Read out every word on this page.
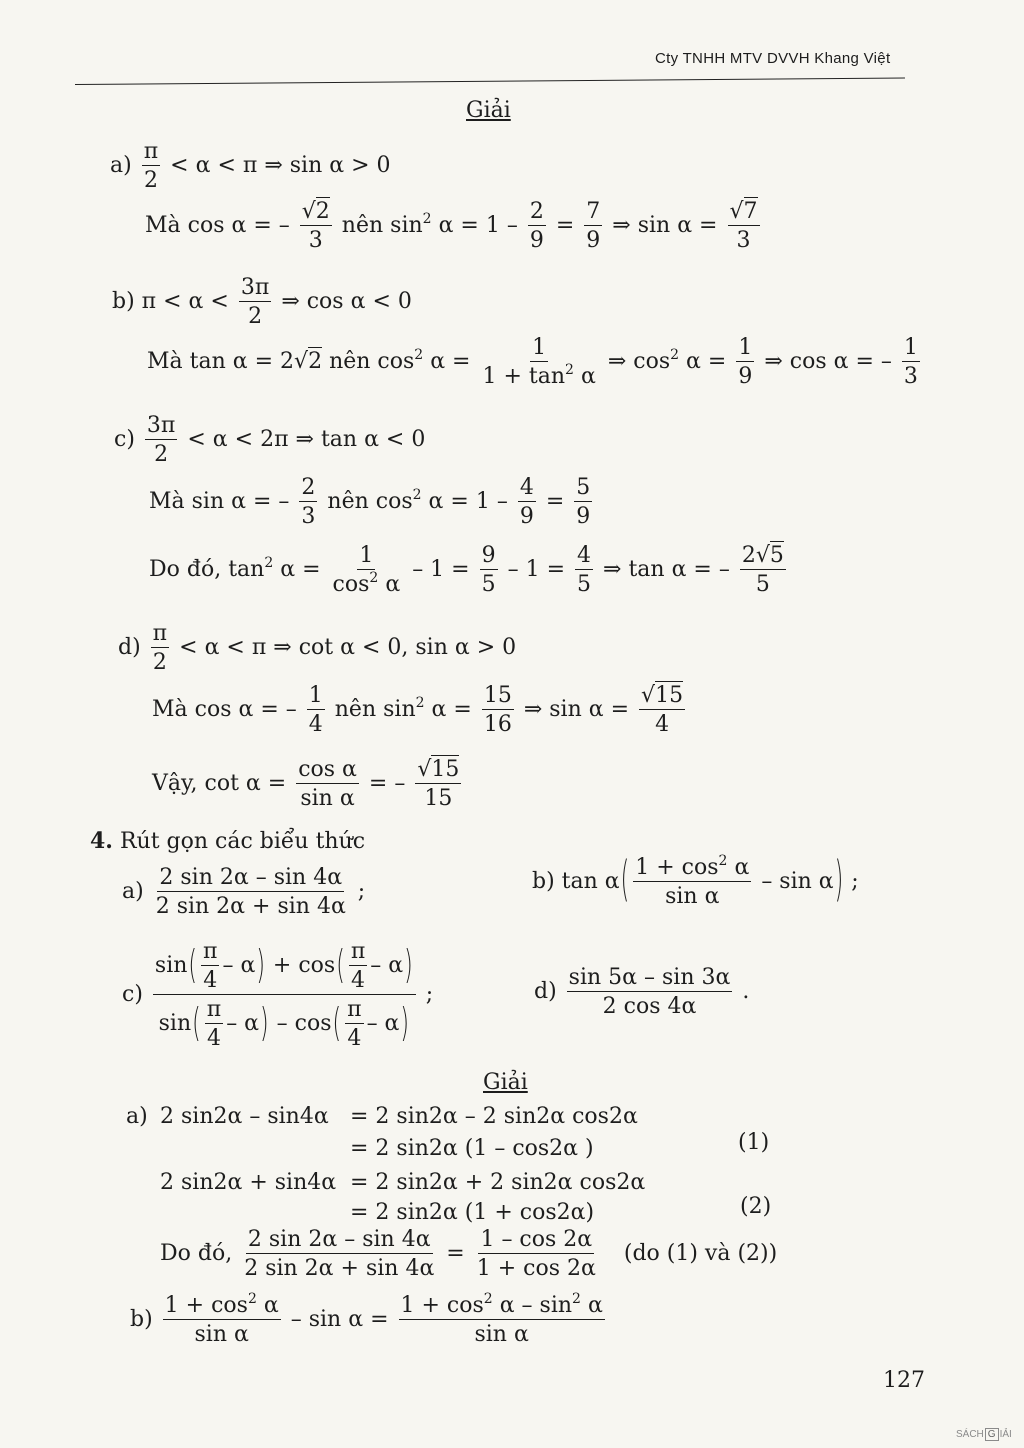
Cty TNHH MTV DVVH Khang Việt
Giải
$a) \frac{\pi}{2} < \alpha < \pi$ ⇒ sin α > 0
Mà cos α = – $\frac{√2}{3}$ nên $\sin^2 \alpha = 1 - \frac{2}{9} = \frac{7}{9}$ ⇒ $\sin \alpha = \frac{√7}{3}$
b) $\pi < \alpha < \frac{3\pi}{2}$ ⇒ cos α < 0
Mà tan α = 2√2 nên $\cos^2 \alpha = \frac{1}{1 + \tan^2 \alpha}$ ⇒ $\cos^2 \alpha = \frac{1}{9}$ ⇒ cos α = – $\frac{1}{3}$
$c) \frac{3\pi}{2} < \alpha < 2\pi$ ⇒ tan α < 0
Mà sin α = – $\frac{2}{3}$ nên $\cos^2 \alpha = 1 - \frac{4}{9} = \frac{5}{9}$
Do đó, $\tan^2 \alpha = \frac{1}{\cos^2 \alpha} - 1 = \frac{9}{5} - 1 = \frac{4}{5}$ ⇒ tan α = – $\frac{2√5}{5}$
$d) \frac{\pi}{2} < \alpha < \pi$ ⇒ cot α < 0, sin α > 0
Mà cos α = – $\frac{1}{4}$ nên $\sin^2 \alpha = \frac{15}{16}$ ⇒ $\sin \alpha = \frac{√15}{4}$
Vậy, $\cot \alpha = \frac{\text{cos α}}{\text{sin α}}$ = – $\frac{√15}{15}$
4. Rút gọn các biểu thức
$a) \frac{2 \sin 2\alpha - \sin 4\alpha}{2 \sin 2\alpha + \sin 4\alpha}$ ;	b) $\tan \alpha( \frac{1 + \cos^2 \alpha}{\text{sin α}}$ – sin α) ;
$c) \frac{\sin( \frac{\pi}{4} - \alpha) + \cos( \frac{\pi}{4} - \alpha)}{\sin( \frac{\pi}{4} - \alpha) - \cos( \frac{\pi}{4} - \alpha)}$ ;	$d) \frac{\sin 5\alpha - \sin 3\alpha}{2 \cos 4\alpha}$ .
Giải
a) 2 sin2α – sin4α = 2 sin2α – 2 sin2α cos2α
= 2 sin2α (1 – cos2α )	(1)
2 sin2α + sin4α = 2 sin2α + 2 sin2α cos2α
= 2 sin2α (1 + cos2α)	(2)
Do đó, $\frac{2 \sin 2\alpha - \sin 4\alpha}{2 \sin 2\alpha + \sin 4\alpha} = \frac{1 - \cos 2\alpha}{1 + \cos 2\alpha} (do$ (1) và (2))
$b) \frac{1 + \cos^2 \alpha}{\text{sin α}} - \sin \alpha = \frac{1 + \cos^2 \alpha - \sin^2 \alpha}{\text{sin α}}$
127
SÁCH G IẢI
